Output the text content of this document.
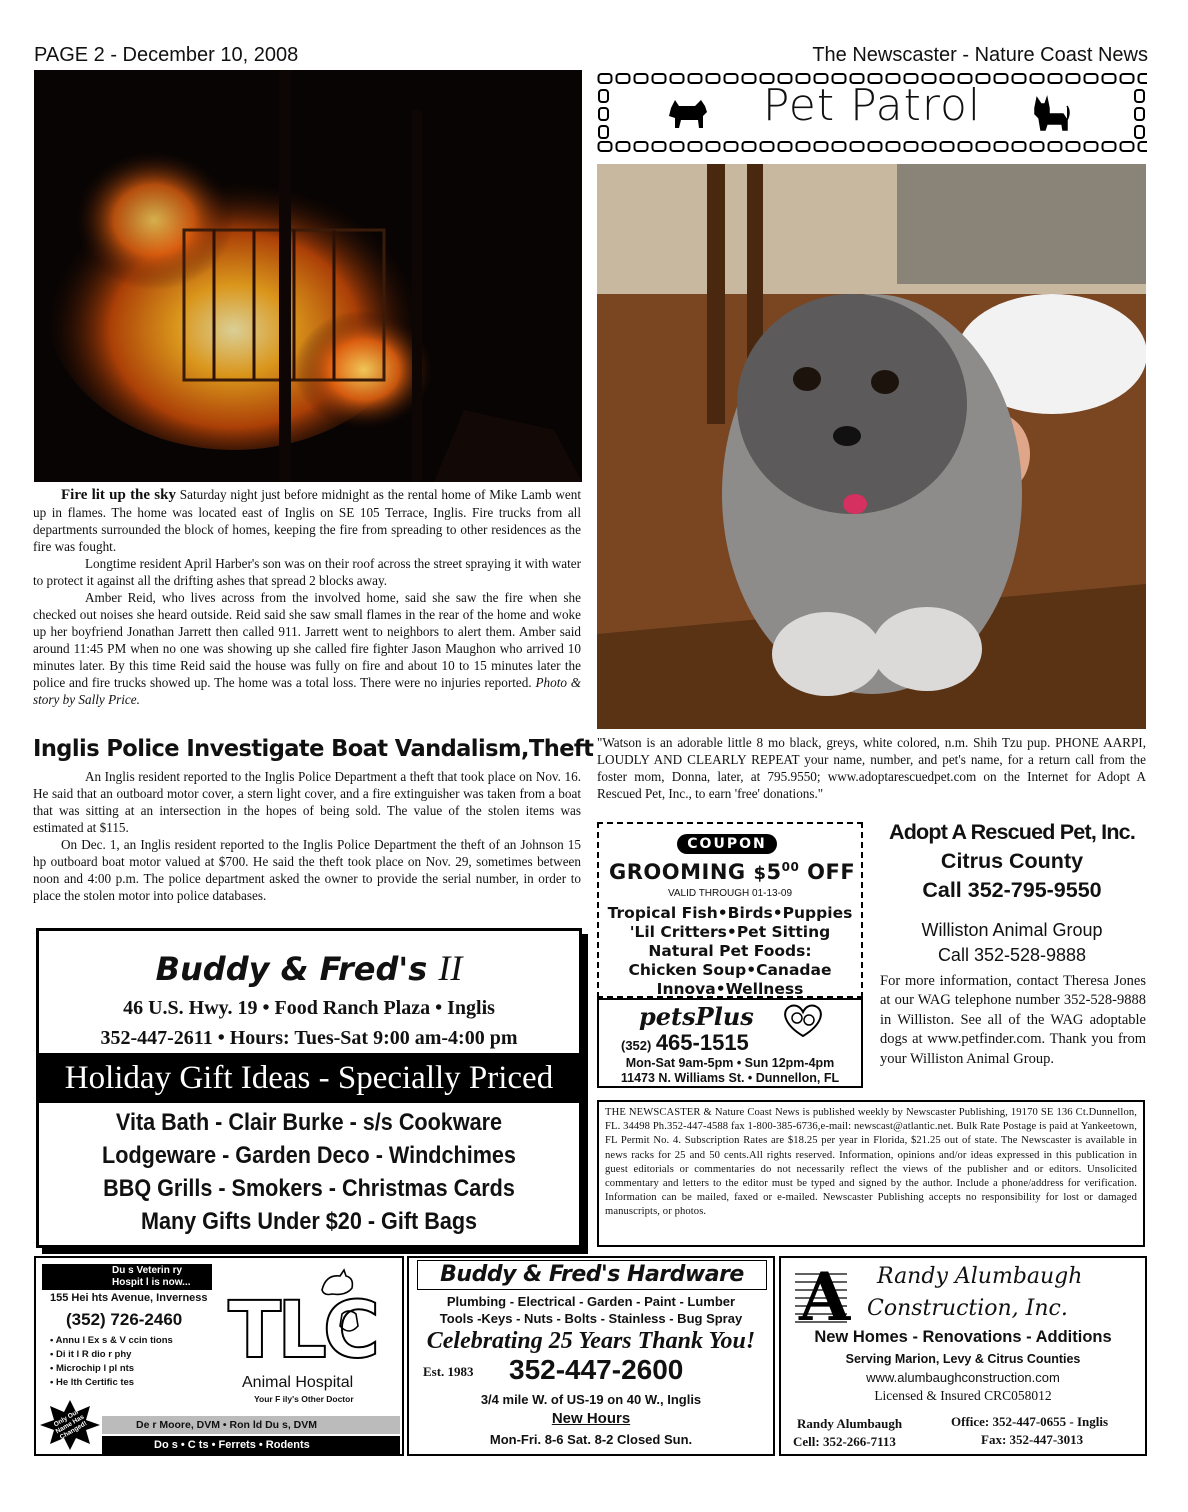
PAGE 2 - December 10, 2008	The Newscaster - Nature Coast News

Fire lit up the sky Saturday night just before midnight as the rental home of Mike Lamb went up in flames. The home was located east of Inglis on SE 105 Terrace, Inglis. Fire trucks from all departments surrounded the block of homes, keeping the fire from spreading to other residences as the fire was fought.

Longtime resident April Harber's son was on their roof across the street spraying it with water to protect it against all the drifting ashes that spread 2 blocks away.

Amber Reid, who lives across from the involved home, said she saw the fire when she checked out noises she heard outside. Reid said she saw small flames in the rear of the home and woke up her boyfriend Jonathan Jarrett then called 911. Jarrett went to neighbors to alert them. Amber said around 11:45 PM when no one was showing up she called fire fighter Jason Maughon who arrived 10 minutes later. By this time Reid said the house was fully on fire and about 10 to 15 minutes later the police and fire trucks showed up. The home was a total loss. There were no injuries reported. Photo & story by Sally Price.

Inglis Police Investigate Boat Vandalism,Theft

An Inglis resident reported to the Inglis Police Department a theft that took place on Nov. 16. He said that an outboard motor cover, a stern light cover, and a fire extinguisher was taken from a boat that was sitting at an intersection in the hopes of being sold. The value of the stolen items was estimated at $115.

On Dec. 1, an Inglis resident reported to the Inglis Police Department the theft of an Johnson 15 hp outboard boat motor valued at $700. He said the theft took place on Nov. 29, sometimes between noon and 4:00 p.m. The police department asked the owner to provide the serial number, in order to place the stolen motor into police databases.

Buddy & Fred's II
46 U.S. Hwy. 19 • Food Ranch Plaza • Inglis
352-447-2611 • Hours: Tues-Sat 9:00 am-4:00 pm
Holiday Gift Ideas - Specially Priced
Vita Bath - Clair Burke - s/s Cookware
Lodgeware - Garden Deco - Windchimes
BBQ Grills - Smokers - Christmas Cards
Many Gifts Under $20 - Gift Bags
Pet Patrol
"Watson is an adorable little 8 mo black, greys, white colored, n.m. Shih Tzu pup. PHONE AARPI, LOUDLY AND CLEARLY REPEAT your name, number, and pet's name, for a return call from the foster mom, Donna, later, at 795.9550; www.adoptarescuedpet.com on the Internet for Adopt A Rescued Pet, Inc., to earn 'free' donations."
COUPON
GROOMING $\$5^{00}$ OFF
VALID THROUGH 01-13-09
Tropical Fish•Birds•Puppies
'Lil Critters•Pet Sitting
Natural Pet Foods:
Chicken Soup•Canadae
Innova•Wellness
petsPlus
(352) 465-1515
Mon-Sat 9am-5pm • Sun 12pm-4pm
11473 N. Williams St. • Dunnellon, FL
Adopt A Rescued Pet, Inc.
Citrus County
Call 352-795-9550
Williston Animal Group
Call 352-528-9888
For more information, contact Theresa Jones at our WAG telephone number 352-528-9888 in Williston. See all of the WAG adoptable dogs at www.petfinder.com. Thank you from your Williston Animal Group.
THE NEWSCASTER & Nature Coast News is published weekly by Newscaster Publishing, 19170 SE 136 Ct.Dunnellon, FL. 34498 Ph.352-447-4588 fax 1-800-385-6736,e-mail: newscast@atlantic.net. Bulk Rate Postage is paid at Yankeetown, FL Permit No. 4. Subscription Rates are $18.25 per year in Florida, $21.25 out of state. The Newscaster is available in news racks for 25 and 50 cents.All rights reserved. Information, opinions and/or ideas expressed in this publication in guest editorials or commentaries do not necessarily reflect the views of the publisher and or editors. Unsolicited commentary and letters to the editor must be typed and signed by the author. Include a phone/address for verification. Information can be mailed, faxed or e-mailed. Newscaster Publishing accepts no responsibility for lost or damaged manuscripts, or photos.
Du s Veterin ry Hospit l is now...
155 Hei hts Avenue, Inverness
(352) 726-2460
• Annu l Ex s & V ccin tions
• Di it l R dio r phy
• Microchip l pl nts
• He lth Certific tes
TLC
Animal Hospital
Your F ily's Other Doctor
Only Our Name Has Changed!	De r Moore, DVM • Ron ld Du s, DVM
Do s • C ts • Ferrets • Rodents
Buddy & Fred's Hardware
Plumbing - Electrical - Garden - Paint - Lumber
Tools -Keys - Nuts - Bolts - Stainless - Bug Spray
Celebrating 25 Years Thank You!
Est. 1983 352-447-2600
3/4 mile W. of US-19 on 40 W., Inglis
New Hours
Mon-Fri. 8-6 Sat. 8-2 Closed Sun.
A Randy Alumbaugh
Construction, Inc.
New Homes - Renovations - Additions
Serving Marion, Levy & Citrus Counties
www.alumbaughconstruction.com
Licensed & Insured CRC058012
Randy Alumbaugh
Cell: 352-266-7113
Office: 352-447-0655 - Inglis
Fax: 352-447-3013
